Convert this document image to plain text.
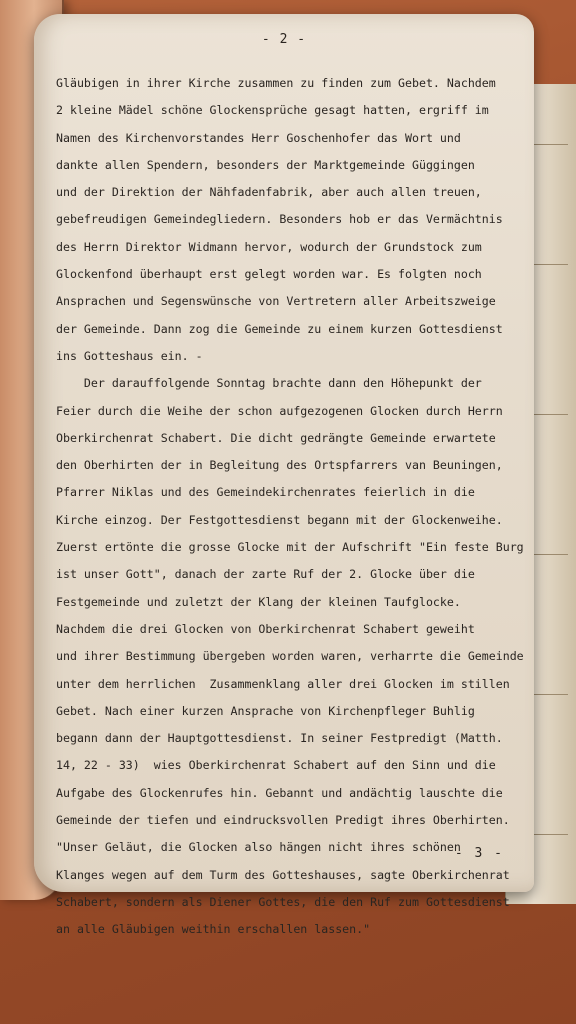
- 2 -
Gläubigen in ihrer Kirche zusammen zu finden zum Gebet. Nachdem
2 kleine Mädel schöne Glockensprüche gesagt hatten, ergriff im
Namen des Kirchenvorstandes Herr Goschenhofer das Wort und
dankte allen Spendern, besonders der Marktgemeinde Güggingen
und der Direktion der Nähfadenfabrik, aber auch allen treuen,
gebefreudigen Gemeindegliedern. Besonders hob er das Vermächtnis
des Herrn Direktor Widmann hervor, wodurch der Grundstock zum
Glockenfond überhaupt erst gelegt worden war. Es folgten noch
Ansprachen und Segenswünsche von Vertretern aller Arbeitszweige
der Gemeinde. Dann zog die Gemeinde zu einem kurzen Gottesdienst
ins Gotteshaus ein. -
Der darauffolgende Sonntag brachte dann den Höhepunkt der
Feier durch die Weihe der schon aufgezogenen Glocken durch Herrn
Oberkirchenrat Schabert. Die dicht gedrängte Gemeinde erwartete
den Oberhirten der in Begleitung des Ortspfarrers van Beuningen,
Pfarrer Niklas und des Gemeindekirchenrates feierlich in die
Kirche einzog. Der Festgottesdienst begann mit der Glockenweihe.
Zuerst ertönte die grosse Glocke mit der Aufschrift "Ein feste Burg
ist unser Gott", danach der zarte Ruf der 2. Glocke über die
Festgemeinde und zuletzt der Klang der kleinen Taufglocke.
Nachdem die drei Glocken von Oberkirchenrat Schabert geweiht
und ihrer Bestimmung übergeben worden waren, verharrte die Gemeinde
unter dem herrlichen  Zusammenklang aller drei Glocken im stillen
Gebet. Nach einer kurzen Ansprache von Kirchenpfleger Buhlig
begann dann der Hauptgottesdienst. In seiner Festpredigt (Matth.
14, 22 - 33)  wies Oberkirchenrat Schabert auf den Sinn und die
Aufgabe des Glockenrufes hin. Gebannt und andächtig lauschte die
Gemeinde der tiefen und eindrucksvollen Predigt ihres Oberhirten.
"Unser Geläut, die Glocken also hängen nicht ihres schönen
Klanges wegen auf dem Turm des Gotteshauses, sagte Oberkirchenrat
Schabert, sondern als Diener Gottes, die den Ruf zum Gottesdienst
an alle Gläubigen weithin erschallen lassen."
- 3 -
